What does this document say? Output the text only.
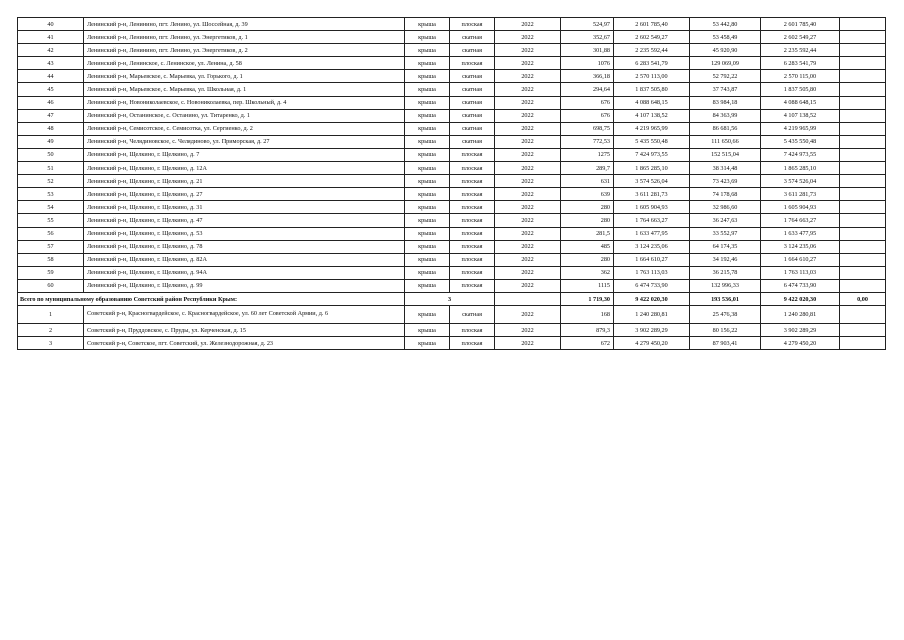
40	Ленинский р-н, Ленинино, пгт. Ленино, ул. Шоссейная, д. 39	крыша	плоская	2022	524,97	2 601 785,40	53 442,80	2 601 785,40		
41	Ленинский р-н, Ленинино, пгт. Ленино, ул. Энергетиков, д. 1	крыша	скатная	2022	352,67	2 602 549,27	53 458,49	2 602 549,27		
42	Ленинский р-н, Ленинино, пгт. Ленино, ул. Энергетиков, д. 2	крыша	скатная	2022	301,88	2 235 592,44	45 920,90	2 235 592,44		
43	Ленинский р-н, Ленинское, с. Ленинское, ул. Ленина, д. 58	крыша	плоская	2022	1076	6 283 541,79	129 069,09	6 283 541,79		
44	Ленинский р-н, Марьевское, с. Марьевка, ул. Горького, д. 1	крыша	скатная	2022	366,18	2 570 113,00	52 792,22	2 570 115,00		
45	Ленинский р-н, Марьевское, с. Марьевка, ул. Школьная, д. 1	крыша	скатная	2022	294,64	1 837 505,80	37 743,87	1 837 505,80		
46	Ленинский р-н, Новониколаевское, с. Новониколаевка, пер. Школьный, д. 4	крыша	скатная	2022	676	4 088 648,15	83 984,18	4 088 648,15		
47	Ленинский р-н, Останинское, с. Останино, ул. Титаренко, д. 1	крыша	скатная	2022	676	4 107 138,52	84 363,99	4 107 138,52		
48	Ленинский р-н, Семисотское, с. Семисотка, ул. Сергиенко, д. 2	крыша	скатная	2022	698,75	4 219 965,99	86 681,56	4 219 965,99		
49	Ленинский р-н, Челядиновское, с. Челядиново, ул. Приморская, д. 27	крыша	скатная	2022	772,53	5 435 550,48	111 650,66	5 435 550,48		
50	Ленинский р-н, Щелкино, г. Щелкино, д. 7	крыша	плоская	2022	1275	7 424 973,55	152 515,04	7 424 973,55		
51	Ленинский р-н, Щелкино, г. Щелкино, д. 12А	крыша	плоская	2022	289,7	1 865 285,10	38 314,48	1 865 285,10		
52	Ленинский р-н, Щелкино, г. Щелкино, д. 21	крыша	плоская	2022	631	3 574 526,04	73 423,69	3 574 526,04		
53	Ленинский р-н, Щелкино, г. Щелкино, д. 27	крыша	плоская	2022	639	3 611 281,73	74 178,68	3 611 281,73		
54	Ленинский р-н, Щелкино, г. Щелкино, д. 31	крыша	плоская	2022	280	1 605 904,93	32 986,60	1 605 904,93		
55	Ленинский р-н, Щелкино, г. Щелкино, д. 47	крыша	плоская	2022	280	1 764 663,27	36 247,63	1 764 663,27		
56	Ленинский р-н, Щелкино, г. Щелкино, д. 53	крыша	плоская	2022	281,5	1 633 477,95	33 552,97	1 633 477,95		
57	Ленинский р-н, Щелкино, г. Щелкино, д. 78	крыша	плоская	2022	485	3 124 235,06	64 174,35	3 124 235,06		
58	Ленинский р-н, Щелкино, г. Щелкино, д. 82А	крыша	плоская	2022	280	1 664 610,27	34 192,46	1 664 610,27		
59	Ленинский р-н, Щелкино, г. Щелкино, д. 94А	крыша	плоская	2022	362	1 763 113,03	36 215,78	1 763 113,03		
60	Ленинский р-н, Щелкино, г. Щелкино, д. 99	крыша	плоская	2022	1115	6 474 733,90	132 996,33	6 474 733,90		
Всего по муниципальному образованию Советский район Республики Крым:		3			1 719,30	9 422 020,30	193 536,01	9 422 020,30	0,00	
1	Советский р-н, Красногвардейское, с. Красногвардейское, ул. 60 лет Советской Армии, д. 6	крыша	скатная	2022	168	1 240 280,81	25 476,38	1 240 280,81		
2	Советский р-н, Пруддовское, с. Пруды, ул. Керченская, д. 15	крыша	плоская	2022	879,3	3 902 289,29	80 156,22	3 902 289,29		
3	Советский р-н, Советское, пгт. Советский, ул. Железнодорожная, д. 23	крыша	плоская	2022	672	4 279 450,20	87 903,41	4 279 450,20		
